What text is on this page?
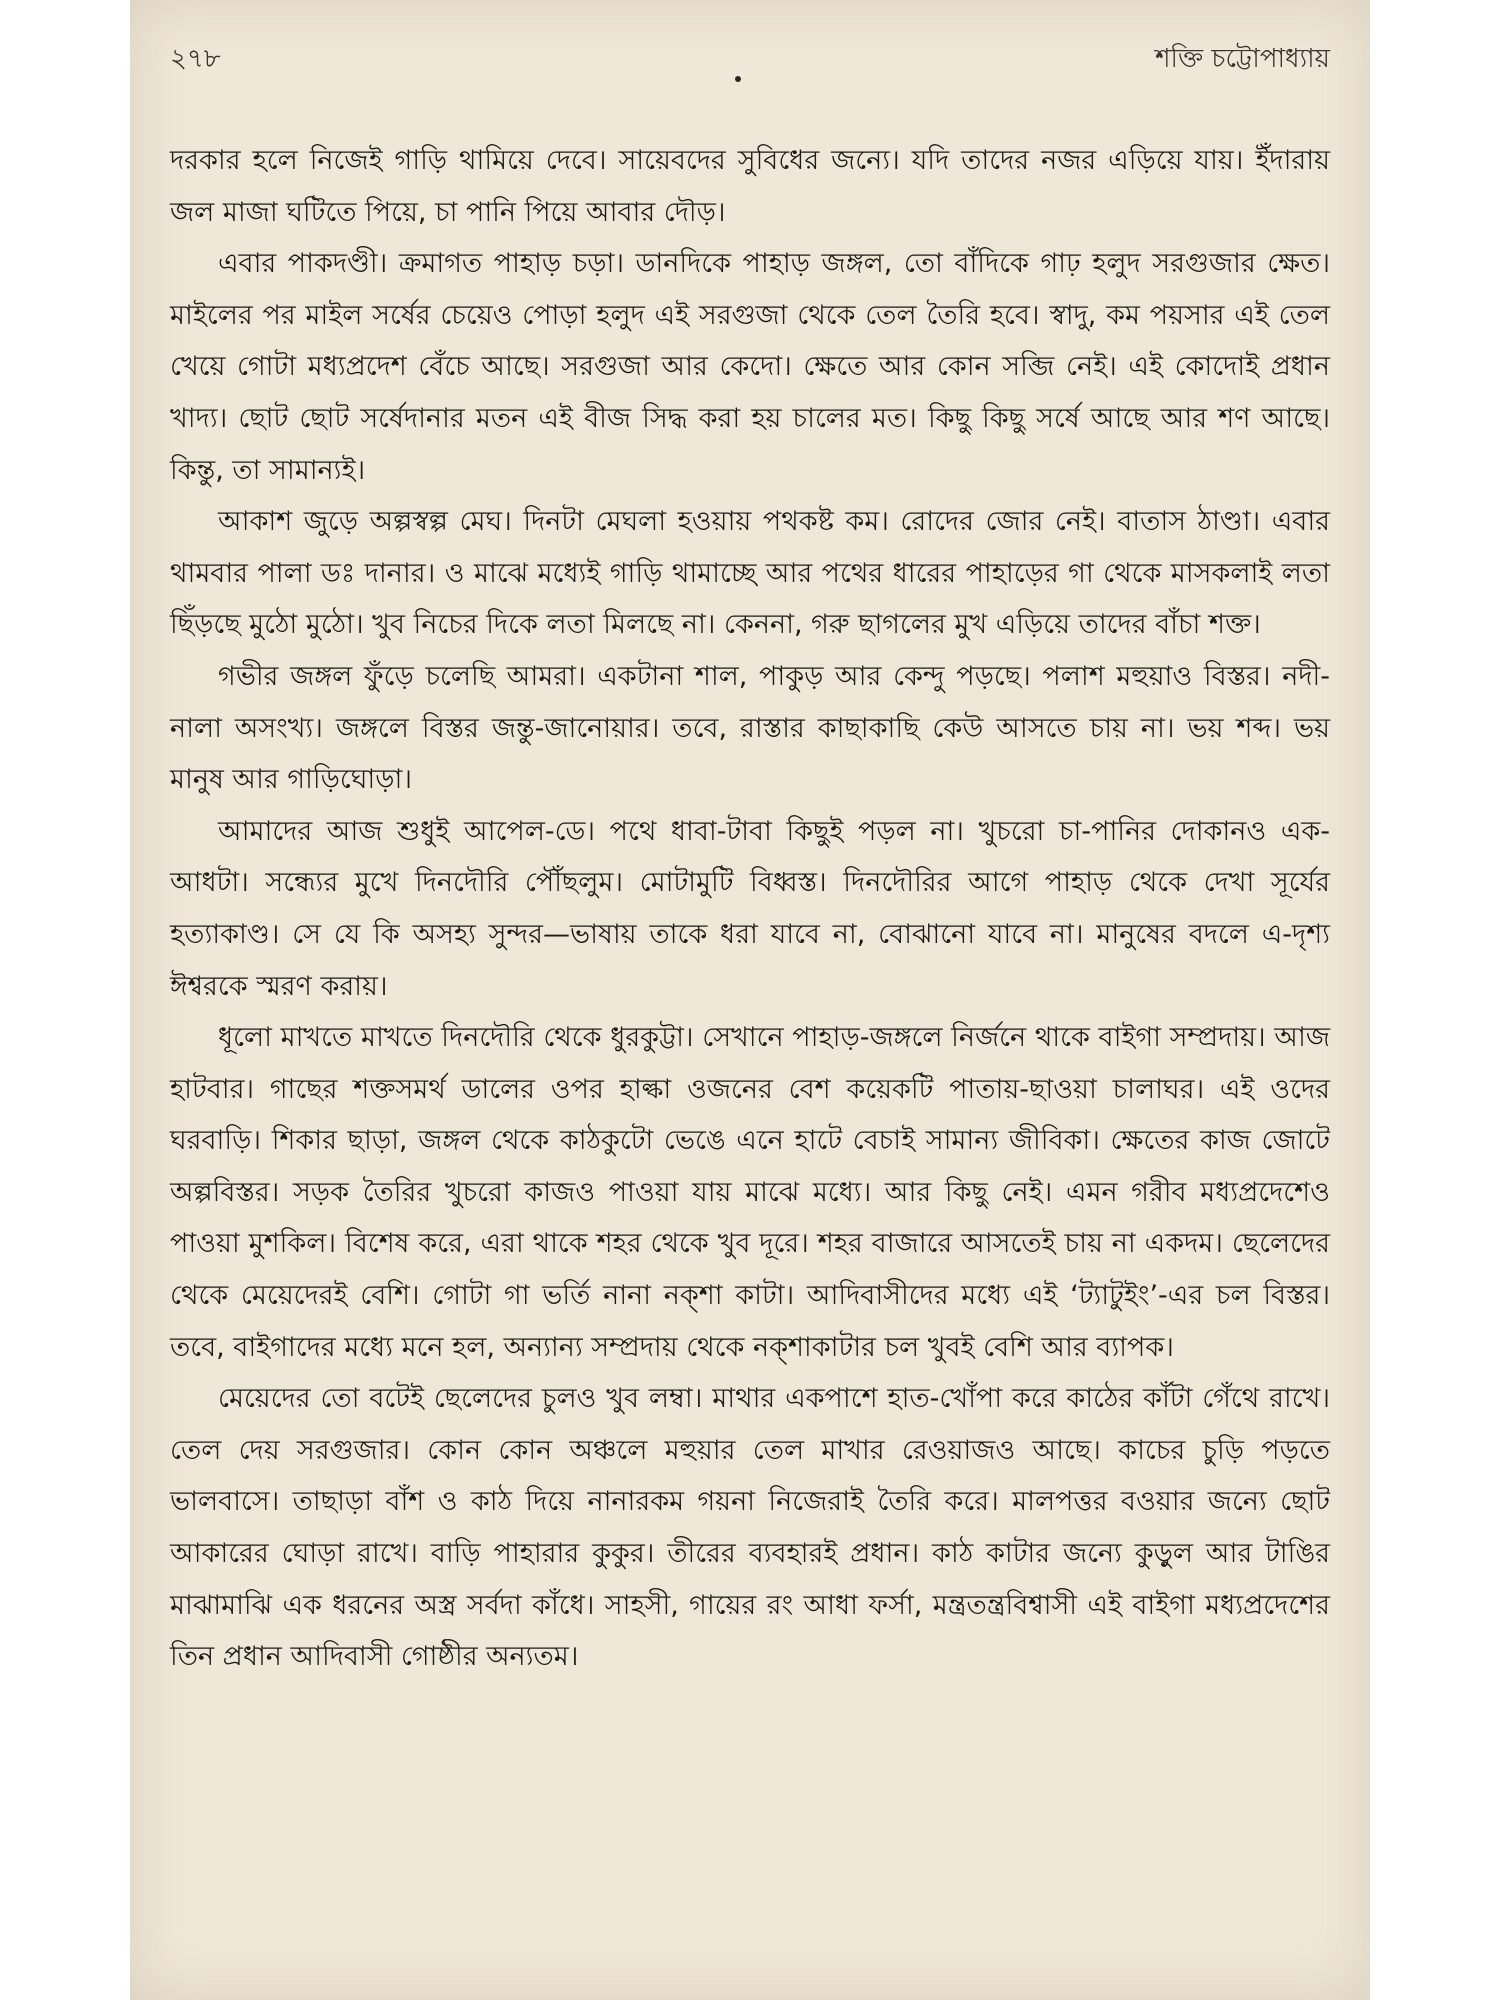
২৭৮	শক্তি চট্টোপাধ্যায়

দরকার হলে নিজেই গাড়ি থামিয়ে দেবে। সায়েবদের সুবিধের জন্যে। যদি তাদের নজর এড়িয়ে যায়। ইঁদারায় জল মাজা ঘটিতে পিয়ে, চা পানি পিয়ে আবার দৌড়।

এবার পাকদণ্ডী। ক্রমাগত পাহাড় চড়া। ডানদিকে পাহাড় জঙ্গল, তো বাঁদিকে গাঢ় হলুদ সরগুজার ক্ষেত। মাইলের পর মাইল সর্ষের চেয়েও পোড়া হলুদ এই সরগুজা থেকে তেল তৈরি হবে। স্বাদু, কম পয়সার এই তেল খেয়ে গোটা মধ্যপ্রদেশ বেঁচে আছে। সরগুজা আর কেদো। ক্ষেতে আর কোন সব্জি নেই। এই কোদোই প্রধান খাদ্য। ছোট ছোট সর্ষেদানার মতন এই বীজ সিদ্ধ করা হয় চালের মত। কিছু কিছু সর্ষে আছে আর শণ আছে। কিন্তু, তা সামান্যই।

আকাশ জুড়ে অল্পস্বল্প মেঘ। দিনটা মেঘলা হওয়ায় পথকষ্ট কম। রোদের জোর নেই। বাতাস ঠাণ্ডা। এবার থামবার পালা ডঃ দানার। ও মাঝে মধ্যেই গাড়ি থামাচ্ছে আর পথের ধারের পাহাড়ের গা থেকে মাসকলাই লতা ছিঁড়ছে মুঠো মুঠো। খুব নিচের দিকে লতা মিলছে না। কেননা, গরু ছাগলের মুখ এড়িয়ে তাদের বাঁচা শক্ত।

গভীর জঙ্গল ফুঁড়ে চলেছি আমরা। একটানা শাল, পাকুড় আর কেন্দু পড়ছে। পলাশ মহুয়াও বিস্তর। নদী-নালা অসংখ্য। জঙ্গলে বিস্তর জন্তু-জানোয়ার। তবে, রাস্তার কাছাকাছি কেউ আসতে চায় না। ভয় শব্দ। ভয় মানুষ আর গাড়িঘোড়া।

আমাদের আজ শুধুই আপেল-ডে। পথে ধাবা-টাবা কিছুই পড়ল না। খুচরো চা-পানির দোকানও এক-আধটা। সন্ধ্যের মুখে দিনদৌরি পৌঁছলুম। মোটামুটি বিধ্বস্ত। দিনদৌরির আগে পাহাড় থেকে দেখা সূর্যের হত্যাকাণ্ড। সে যে কি অসহ্য সুন্দর—ভাষায় তাকে ধরা যাবে না, বোঝানো যাবে না। মানুষের বদলে এ-দৃশ্য ঈশ্বরকে স্মরণ করায়।

ধূলো মাখতে মাখতে দিনদৌরি থেকে ধুরকুট্টা। সেখানে পাহাড়-জঙ্গলে নির্জনে থাকে বাইগা সম্প্রদায়। আজ হাটবার। গাছের শক্তসমর্থ ডালের ওপর হাল্কা ওজনের বেশ কয়েকটি পাতায়-ছাওয়া চালাঘর। এই ওদের ঘরবাড়ি। শিকার ছাড়া, জঙ্গল থেকে কাঠকুটো ভেঙে এনে হাটে বেচাই সামান্য জীবিকা। ক্ষেতের কাজ জোটে অল্পবিস্তর। সড়ক তৈরির খুচরো কাজও পাওয়া যায় মাঝে মধ্যে। আর কিছু নেই। এমন গরীব মধ্যপ্রদেশেও পাওয়া মুশকিল। বিশেষ করে, এরা থাকে শহর থেকে খুব দূরে। শহর বাজারে আসতেই চায় না একদম। ছেলেদের থেকে মেয়েদেরই বেশি। গোটা গা ভর্তি নানা নক্শা কাটা। আদিবাসীদের মধ্যে এই ‘ট্যাটুইং’-এর চল বিস্তর। তবে, বাইগাদের মধ্যে মনে হল, অন্যান্য সম্প্রদায় থেকে নক্শাকাটার চল খুবই বেশি আর ব্যাপক।

মেয়েদের তো বটেই ছেলেদের চুলও খুব লম্বা। মাথার একপাশে হাত-খোঁপা করে কাঠের কাঁটা গেঁথে রাখে। তেল দেয় সরগুজার। কোন কোন অঞ্চলে মহুয়ার তেল মাখার রেওয়াজও আছে। কাচের চুড়ি পড়তে ভালবাসে। তাছাড়া বাঁশ ও কাঠ দিয়ে নানারকম গয়না নিজেরাই তৈরি করে। মালপত্তর বওয়ার জন্যে ছোট আকারের ঘোড়া রাখে। বাড়ি পাহারার কুকুর। তীরের ব্যবহারই প্রধান। কাঠ কাটার জন্যে কুড়ুল আর টাঙির মাঝামাঝি এক ধরনের অস্ত্র সর্বদা কাঁধে। সাহসী, গায়ের রং আধা ফর্সা, মন্ত্রতন্ত্রবিশ্বাসী এই বাইগা মধ্যপ্রদেশের তিন প্রধান আদিবাসী গোষ্ঠীর অন্যতম।
